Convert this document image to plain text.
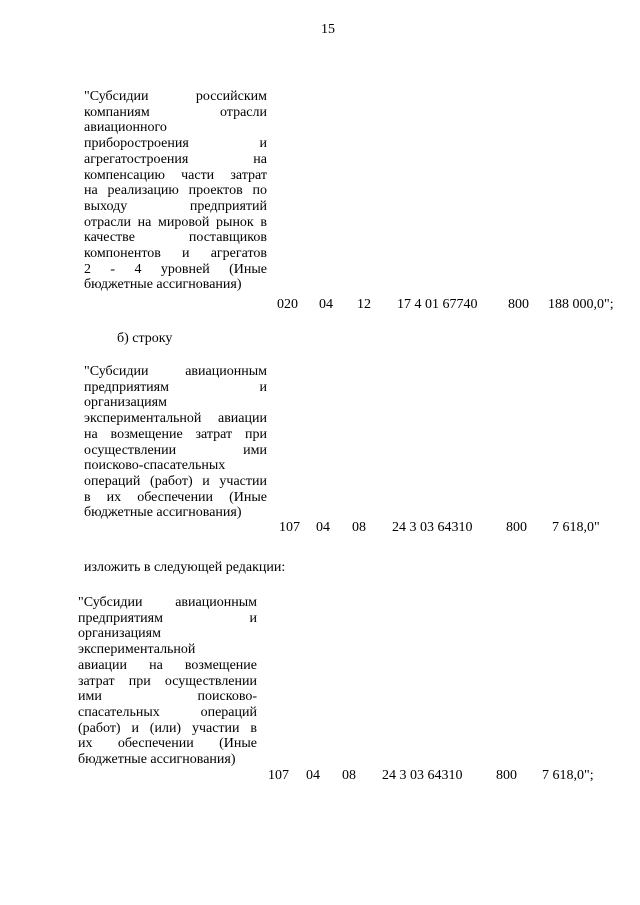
15
"Субсидии российским
компаниям отрасли
авиационного
приборостроения и
агрегатостроения на
компенсацию части затрат
на реализацию проектов по
выходу предприятий
отрасли на мировой рынок в
качестве поставщиков
компонентов и агрегатов
2 - 4 уровней (Иные
бюджетные ассигнования)
020 04 12 17 4 01 67740 800 188 000,0";
б) строку
"Субсидии авиационным
предприятиям и
организациям
экспериментальной авиации
на возмещение затрат при
осуществлении ими
поисково-спасательных
операций (работ) и участии
в их обеспечении (Иные
бюджетные ассигнования)
107 04 08 24 3 03 64310 800 7 618,0"
изложить в следующей редакции:
"Субсидии авиационным
предприятиям и
организациям
экспериментальной
авиации на возмещение
затрат при осуществлении
ими поисково-
спасательных операций
(работ) и (или) участии в
их обеспечении (Иные
бюджетные ассигнования)
107 04 08 24 3 03 64310 800 7 618,0";
